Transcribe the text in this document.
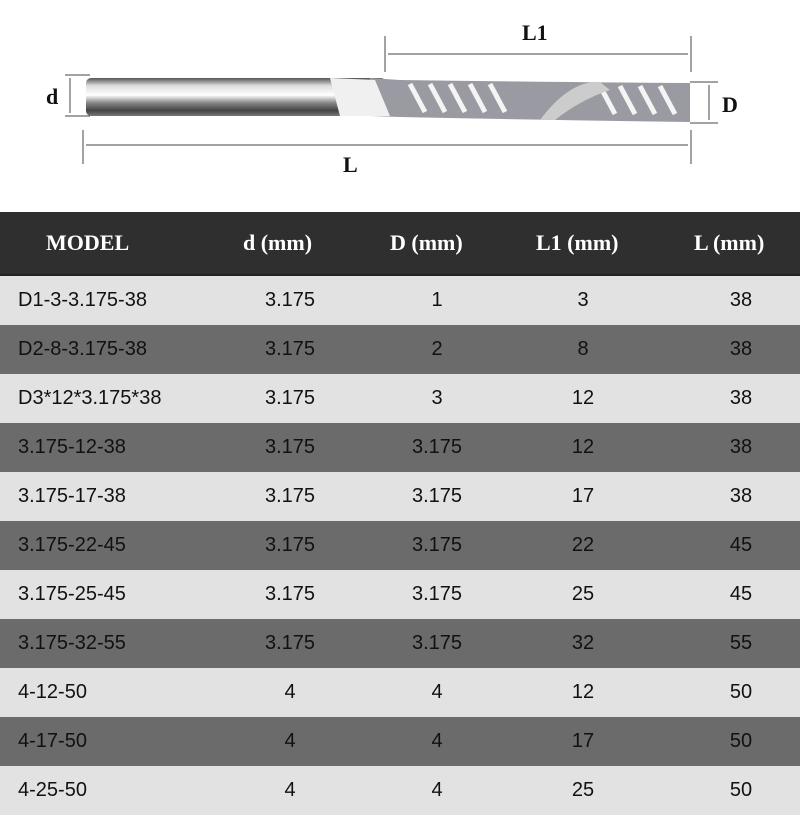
L1
d	D
L
MODEL	d (mm)	D (mm)	L1 (mm)	L (mm)
D1-3-3.175-38	3.175	1	3	38
D2-8-3.175-38	3.175	2	8	38
D3*12*3.175*38	3.175	3	12	38
3.175-12-38	3.175	3.175	12	38
3.175-17-38	3.175	3.175	17	38
3.175-22-45	3.175	3.175	22	45
3.175-25-45	3.175	3.175	25	45
3.175-32-55	3.175	3.175	32	55
4-12-50	4	4	12	50
4-17-50	4	4	17	50
4-25-50	4	4	25	50
